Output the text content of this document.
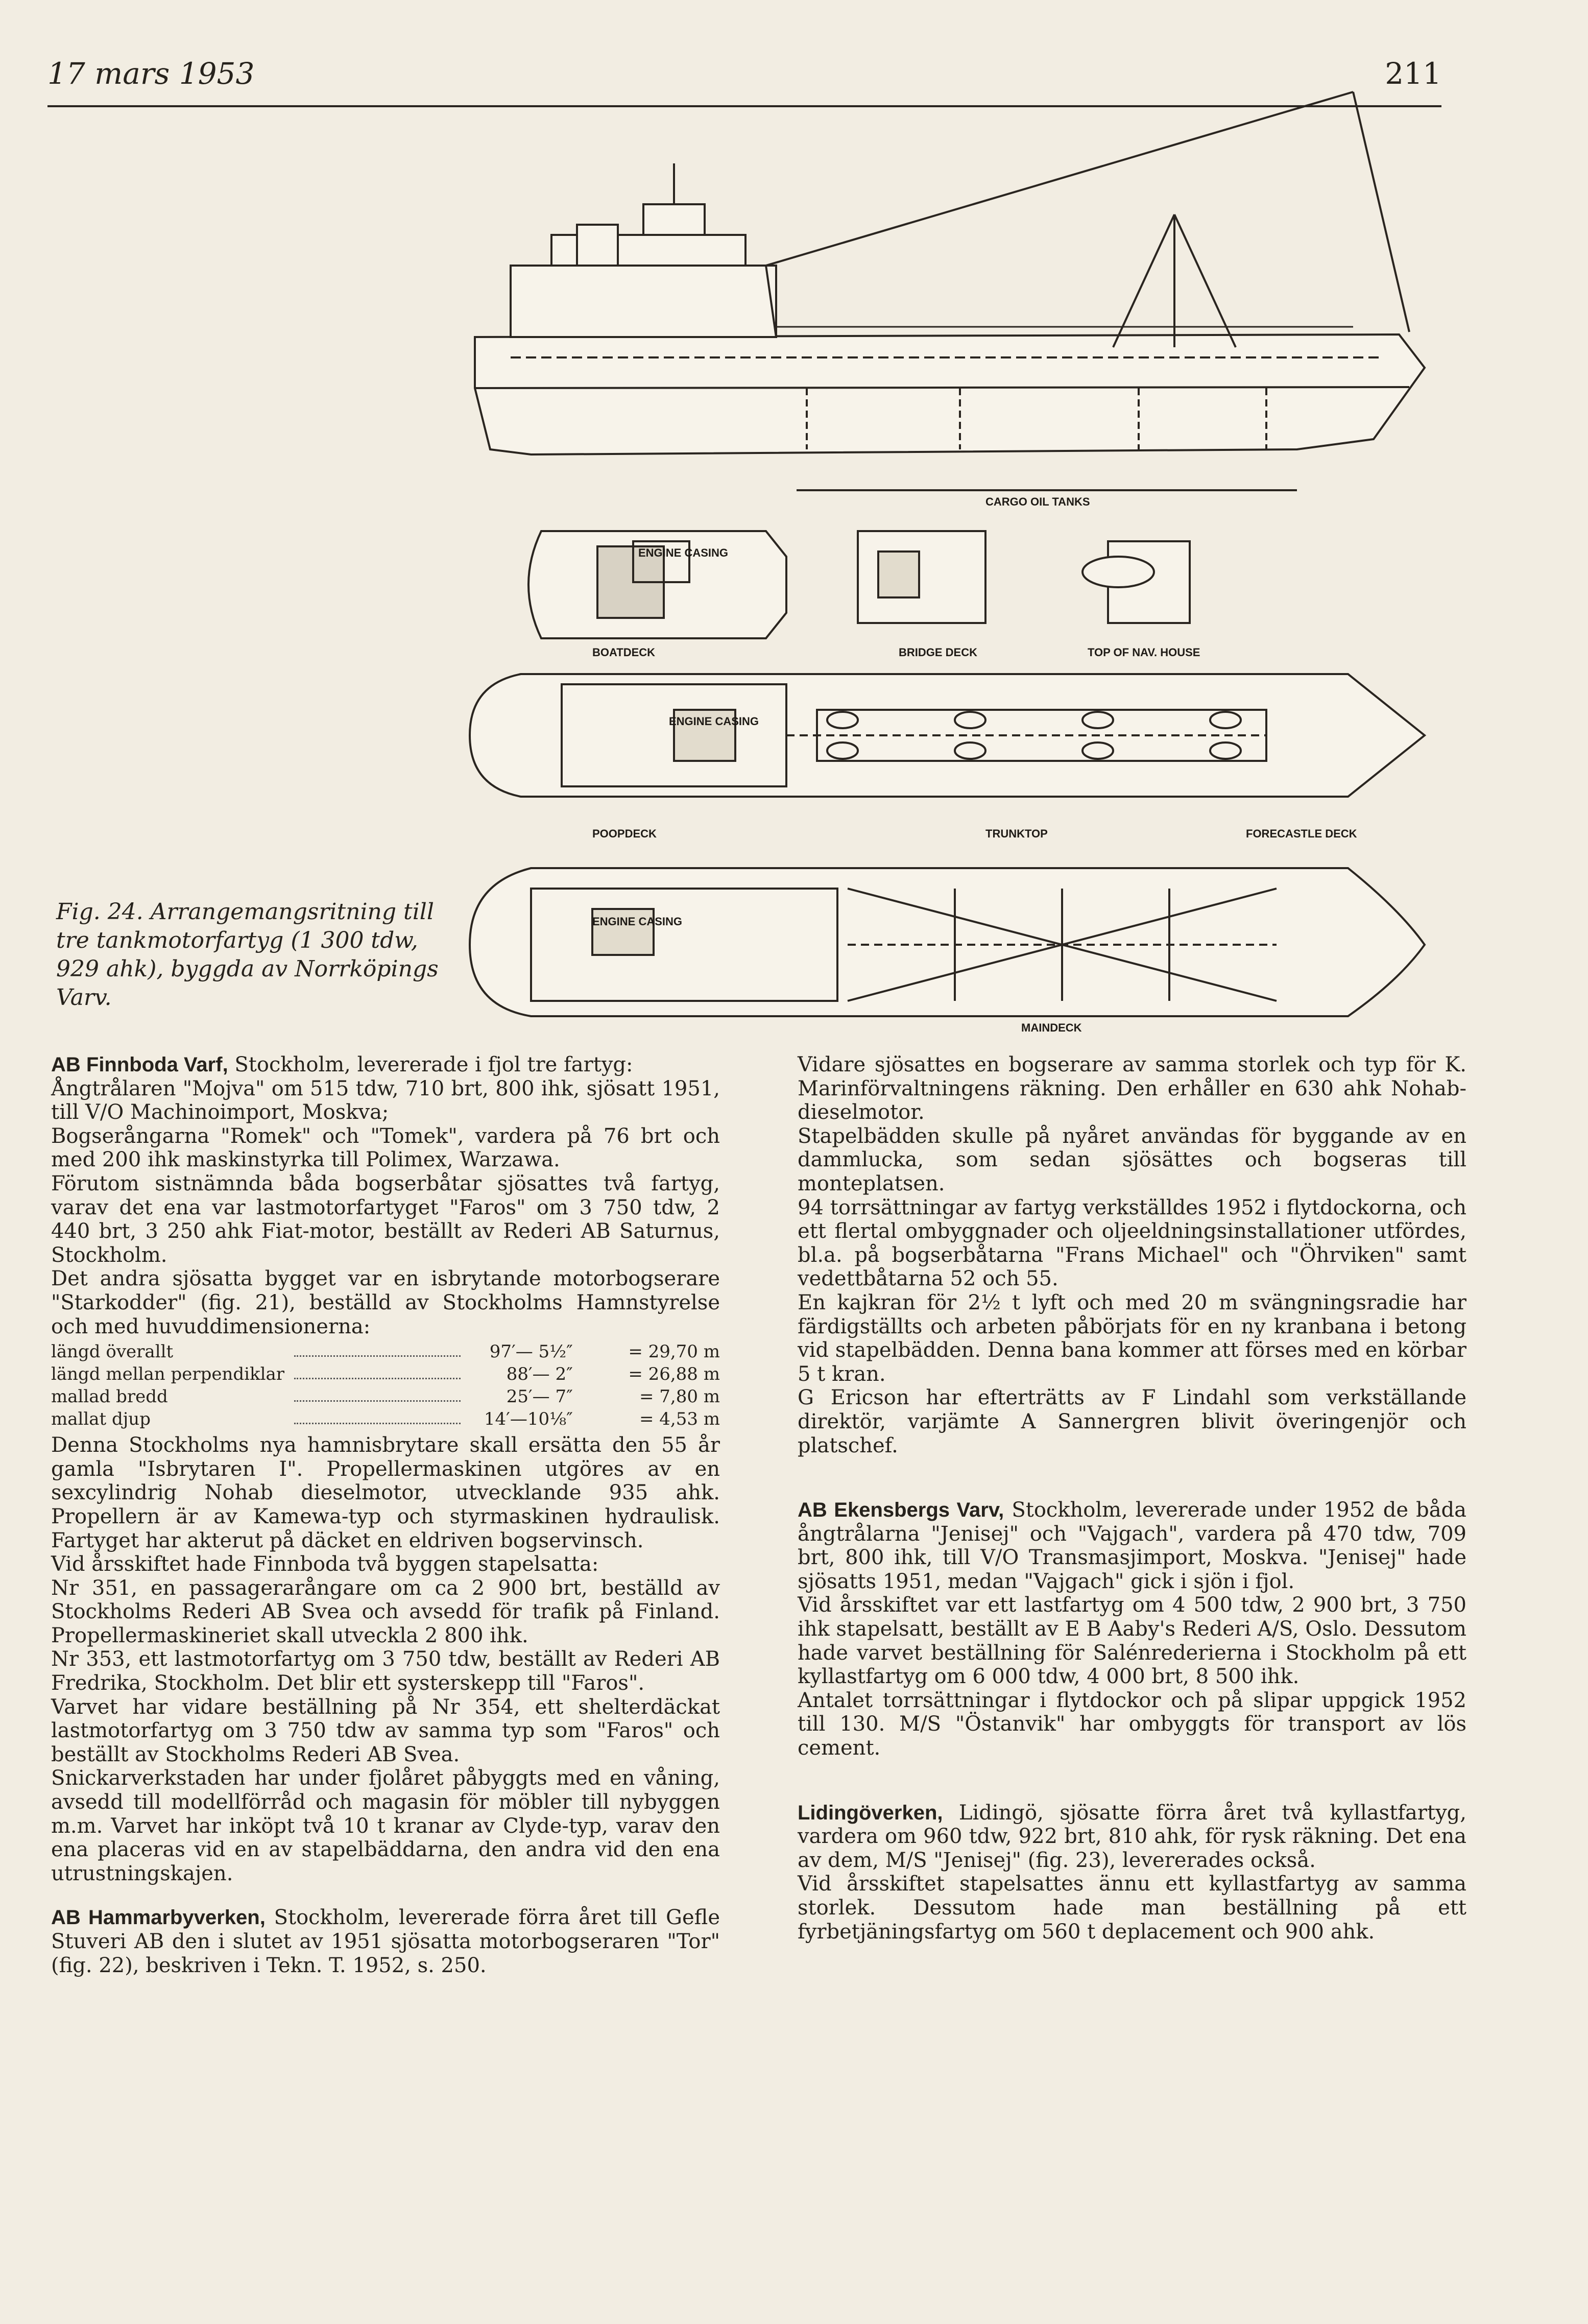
17 mars 1953	211
CARGO OIL TANKS
ENGINE CASING
BOATDECK	BRIDGE DECK	TOP OF NAV. HOUSE
ENGINE CASING
POOPDECK	TRUNKTOP	FORECASTLE DECK
ENGINE CASING
MAINDECK
Fig. 24. Arrangemangsritning till tre tankmotorfartyg (1 300 tdw, 929 ahk), byggda av Norrköpings Varv.

AB Finnboda Varf, Stockholm, levererade i fjol tre fartyg:

Ångtrålaren "Mojva" om 515 tdw, 710 brt, 800 ihk, sjösatt 1951, till V/O Machinoimport, Moskva;

Bogserångarna "Romek" och "Tomek", vardera på 76 brt och med 200 ihk maskinstyrka till Polimex, Warzawa.

Förutom sistnämnda båda bogserbåtar sjösattes två fartyg, varav det ena var lastmotorfartyget "Faros" om 3 750 tdw, 2 440 brt, 3 250 ahk Fiat-motor, beställt av Rederi AB Saturnus, Stockholm.

Det andra sjösatta bygget var en isbrytande motorbogserare "Starkodder" (fig. 21), beställd av Stockholms Hamnstyrelse och med huvuddimensionerna:

längd överallt		97′— 5½″	= 29,70 m
längd mellan perpendiklar		88′— 2″	= 26,88 m
mallad bredd		25′— 7″	= 7,80 m
mallat djup		14′—10⅛″	= 4,53 m

Denna Stockholms nya hamnisbrytare skall ersätta den 55 år gamla "Isbrytaren I". Propellermaskinen utgöres av en sexcylindrig Nohab dieselmotor, utvecklande 935 ahk. Propellern är av Kamewa-typ och styrmaskinen hydraulisk. Fartyget har akterut på däcket en eldriven bogservinsch.

Vid årsskiftet hade Finnboda två byggen stapelsatta:

Nr 351, en passagerarångare om ca 2 900 brt, beställd av Stockholms Rederi AB Svea och avsedd för trafik på Finland. Propellermaskineriet skall utveckla 2 800 ihk.

Nr 353, ett lastmotorfartyg om 3 750 tdw, beställt av Rederi AB Fredrika, Stockholm. Det blir ett systerskepp till "Faros".

Varvet har vidare beställning på Nr 354, ett shelterdäckat lastmotorfartyg om 3 750 tdw av samma typ som "Faros" och beställt av Stockholms Rederi AB Svea.

Snickarverkstaden har under fjolåret påbyggts med en våning, avsedd till modellförråd och magasin för möbler till nybyggen m.m. Varvet har inköpt två 10 t kranar av Clyde-typ, varav den ena placeras vid en av stapelbäddarna, den andra vid den ena utrustningskajen.

AB Hammarbyverken, Stockholm, levererade förra året till Gefle Stuveri AB den i slutet av 1951 sjösatta motorbogseraren "Tor" (fig. 22), beskriven i Tekn. T. 1952, s. 250.

Vidare sjösattes en bogserare av samma storlek och typ för K. Marinförvaltningens räkning. Den erhåller en 630 ahk Nohab-dieselmotor.

Stapelbädden skulle på nyåret användas för byggande av en dammlucka, som sedan sjösättes och bogseras till monteplatsen.

94 torrsättningar av fartyg verkställdes 1952 i flytdockorna, och ett flertal ombyggnader och oljeeldningsinstallationer utfördes, bl.a. på bogserbåtarna "Frans Michael" och "Öhrviken" samt vedettbåtarna 52 och 55.

En kajkran för 2½ t lyft och med 20 m svängningsradie har färdigställts och arbeten påbörjats för en ny kranbana i betong vid stapelbädden. Denna bana kommer att förses med en körbar 5 t kran.

G Ericson har efterträtts av F Lindahl som verkställande direktör, varjämte A Sannergren blivit överingenjör och platschef.

AB Ekensbergs Varv, Stockholm, levererade under 1952 de båda ångtrålarna "Jenisej" och "Vajgach", vardera på 470 tdw, 709 brt, 800 ihk, till V/O Transmasjimport, Moskva. "Jenisej" hade sjösatts 1951, medan "Vajgach" gick i sjön i fjol.

Vid årsskiftet var ett lastfartyg om 4 500 tdw, 2 900 brt, 3 750 ihk stapelsatt, beställt av E B Aaby's Rederi A/S, Oslo. Dessutom hade varvet beställning för Salénrederierna i Stockholm på ett kyllastfartyg om 6 000 tdw, 4 000 brt, 8 500 ihk.

Antalet torrsättningar i flytdockor och på slipar uppgick 1952 till 130. M/S "Östanvik" har ombyggts för transport av lös cement.

Lidingöverken, Lidingö, sjösatte förra året två kyllastfartyg, vardera om 960 tdw, 922 brt, 810 ahk, för rysk räkning. Det ena av dem, M/S "Jenisej" (fig. 23), levererades också.

Vid årsskiftet stapelsattes ännu ett kyllastfartyg av samma storlek. Dessutom hade man beställning på ett fyrbetjäningsfartyg om 560 t deplacement och 900 ahk.
